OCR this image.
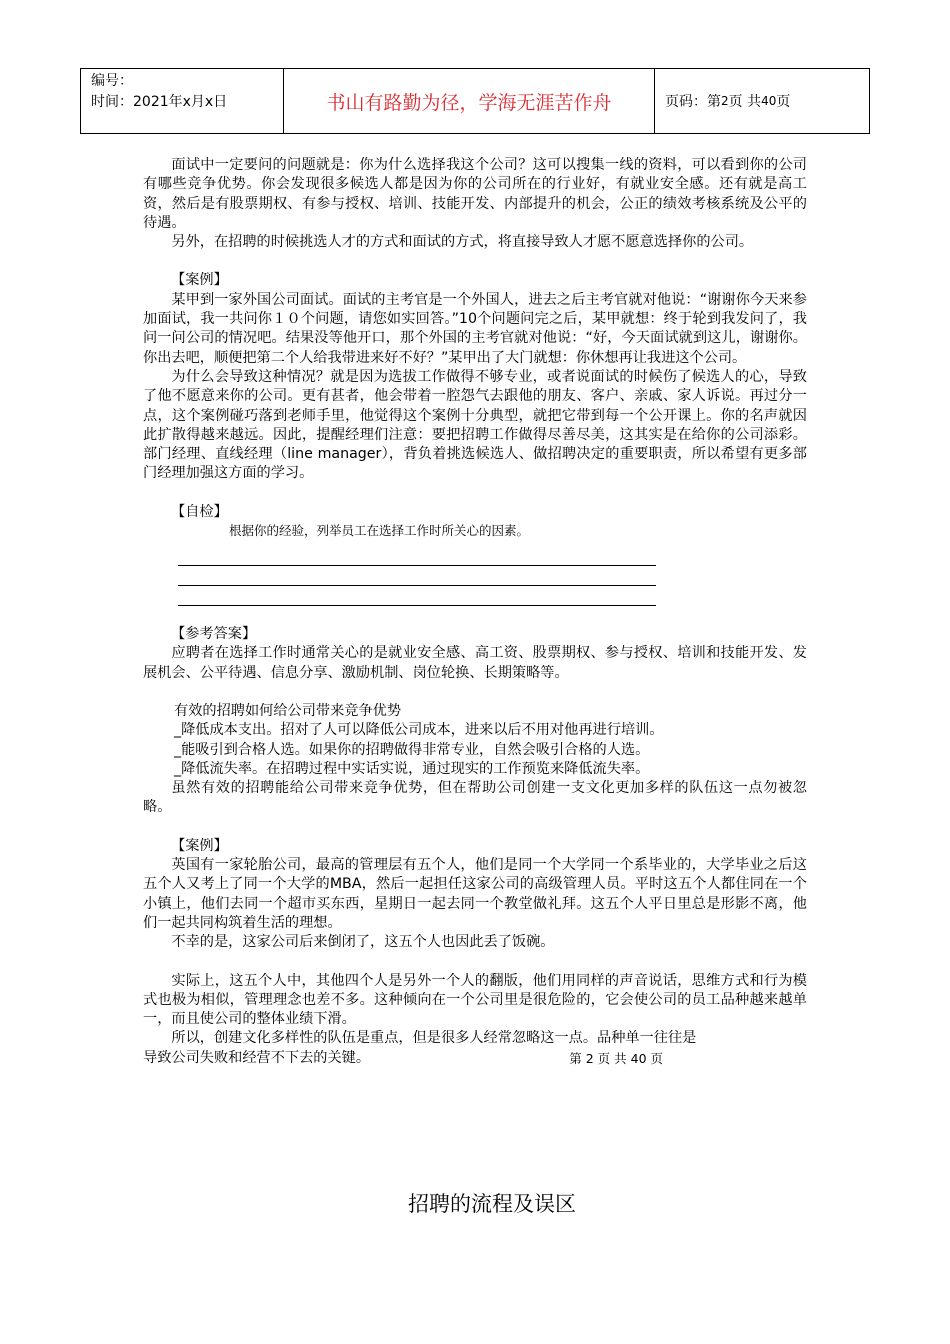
编号：
时间：2021年x月x日	书山有路勤为径，学海无涯苦作舟	页码：第 2 页 共 40 页

面试中一定要问的问题就是：你为什么选择我这个公司？这可以搜集一线的资料，可以看到你的公司有哪些竞争优势。你会发现很多候选人都是因为你的公司所在的行业好，有就业安全感。还有就是高工资，然后是有股票期权、有参与授权、培训、技能开发、内部提升的机会，公正的绩效考核系统及公平的待遇。

另外，在招聘的时候挑选人才的方式和面试的方式，将直接导致人才愿不愿意选择你的公司。

【案例】

某甲到一家外国公司面试。面试的主考官是一个外国人，进去之后主考官就对他说：“谢谢你今天来参加面试，我一共问你１０个问题，请您如实回答。”10个问题问完之后，某甲就想：终于轮到我发问了，我问一问公司的情况吧。结果没等他开口，那个外国的主考官就对他说：“好，今天面试就到这儿，谢谢你。你出去吧，顺便把第二个人给我带进来好不好？”某甲出了大门就想：你休想再让我进这个公司。

为什么会导致这种情况？就是因为选拔工作做得不够专业，或者说面试的时候伤了候选人的心，导致了他不愿意来你的公司。更有甚者，他会带着一腔怨气去跟他的朋友、客户、亲戚、家人诉说。再过分一点，这个案例碰巧落到老师手里，他觉得这个案例十分典型，就把它带到每一个公开课上。你的名声就因此扩散得越来越远。因此，提醒经理们注意：要把招聘工作做得尽善尽美，这其实是在给你的公司添彩。部门经理、直线经理（line manager），背负着挑选候选人、做招聘决定的重要职责，所以希望有更多部门经理加强这方面的学习。

【自检】

根据你的经验，列举员工在选择工作时所关心的因素。

【参考答案】

应聘者在选择工作时通常关心的是就业安全感、高工资、股票期权、参与授权、培训和技能开发、发展机会、公平待遇、信息分享、激励机制、岗位轮换、长期策略等。

有效的招聘如何给公司带来竞争优势

_降低成本支出。招对了人可以降低公司成本，进来以后不用对他再进行培训。

_能吸引到合格人选。如果你的招聘做得非常专业，自然会吸引合格的人选。

_降低流失率。在招聘过程中实话实说，通过现实的工作预览来降低流失率。

虽然有效的招聘能给公司带来竞争优势，但在帮助公司创建一支文化更加多样的队伍这一点勿被忽略。

【案例】

英国有一家轮胎公司，最高的管理层有五个人，他们是同一个大学同一个系毕业的，大学毕业之后这五个人又考上了同一个大学的MBA，然后一起担任这家公司的高级管理人员。平时这五个人都住同在一个小镇上，他们去同一个超市买东西，星期日一起去同一个教堂做礼拜。这五个人平日里总是形影不离，他们一起共同构筑着生活的理想。

不幸的是，这家公司后来倒闭了，这五个人也因此丢了饭碗。

实际上，这五个人中，其他四个人是另外一个人的翻版，他们用同样的声音说话，思维方式和行为模式也极为相似，管理理念也差不多。这种倾向在一个公司里是很危险的，它会使公司的员工品种越来越单一，而且使公司的整体业绩下滑。

所以，创建文化多样性的队伍是重点，但是很多人经常忽略这一点。品种单一往往是

导致公司失败和经营不下去的关键。	第 2 页 共 40 页
招聘的流程及误区
